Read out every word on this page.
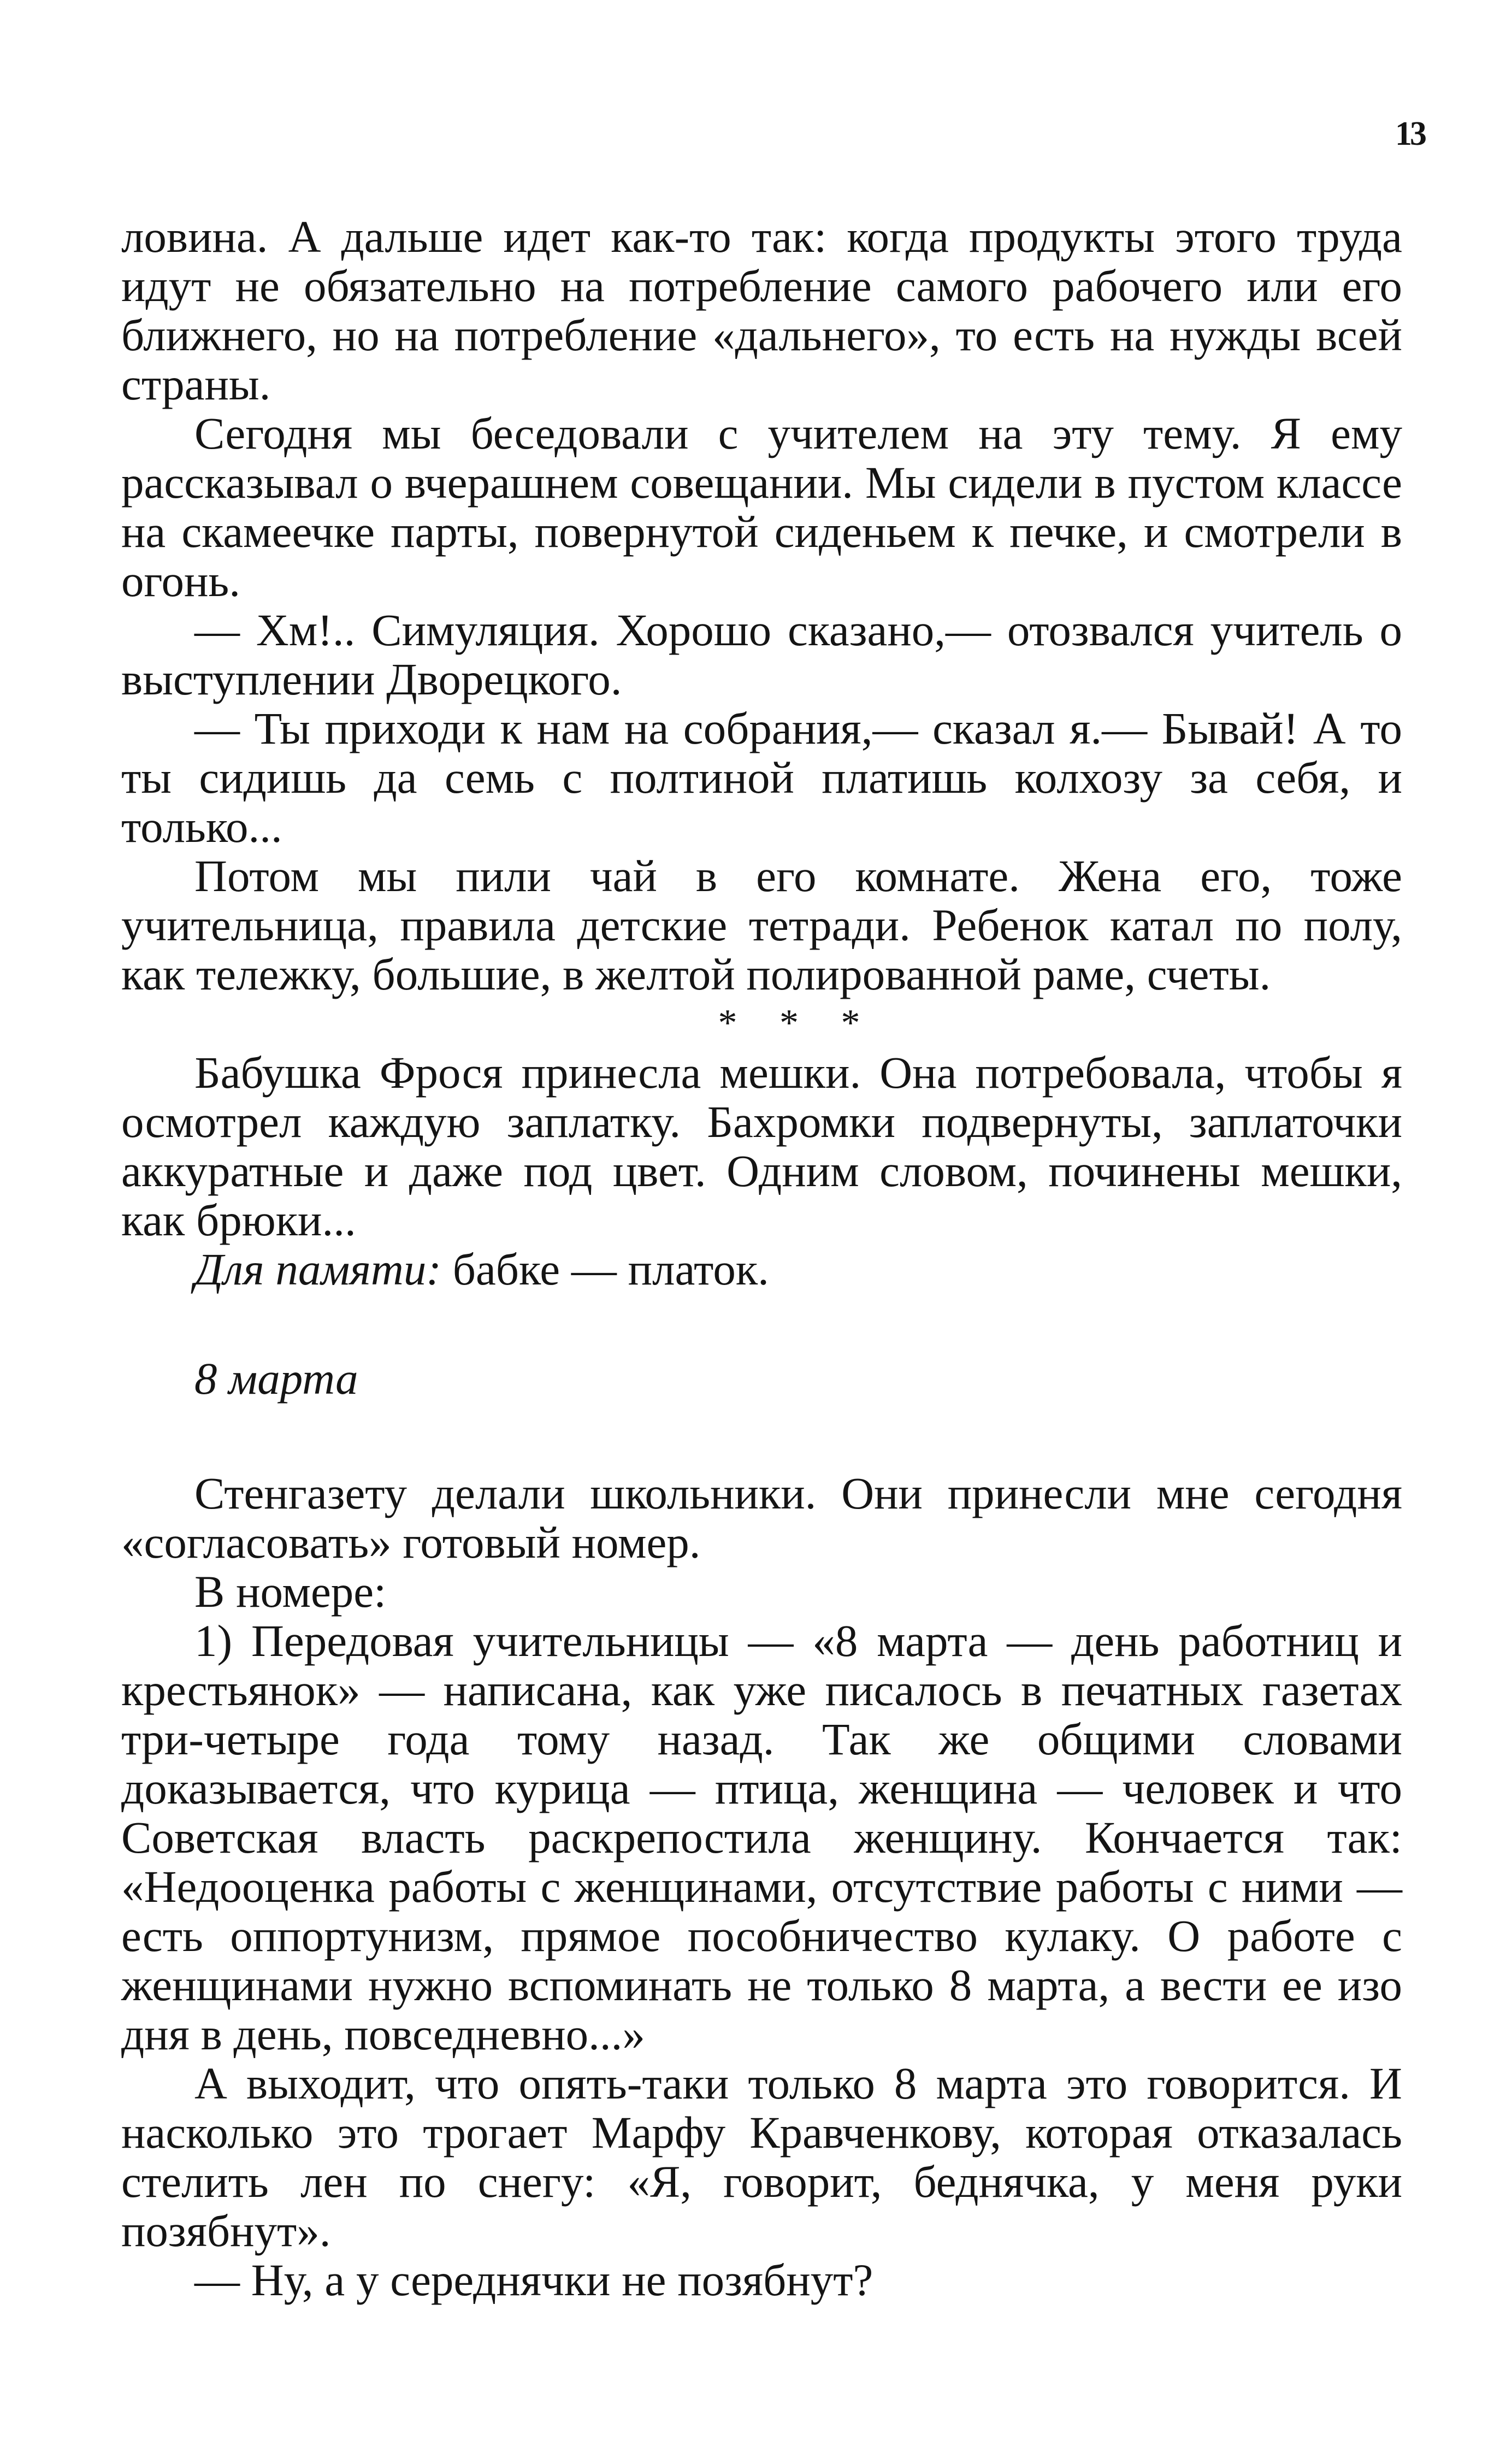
13

ловина. А дальше идет как-то так: когда продукты этого труда идут не обязательно на потребление самого рабочего или его ближнего, но на потребление «дальнего», то есть на нужды всей страны.

Сегодня мы беседовали с учителем на эту тему. Я ему рассказывал о вчерашнем совещании. Мы сидели в пустом классе на скамеечке парты, повернутой сиденьем к печке, и смотрели в огонь.

— Хм!.. Симуляция. Хорошо сказано,— отозвался учитель о выступлении Дворецкого.

— Ты приходи к нам на собрания,— сказал я.— Бывай! А то ты сидишь да семь с полтиной платишь колхозу за себя, и только...

Потом мы пили чай в его комнате. Жена его, тоже учительница, правила детские тетради. Ребенок катал по полу, как тележку, большие, в желтой полированной раме, счеты.

* * *

Бабушка Фрося принесла мешки. Она потребовала, чтобы я осмотрел каждую заплатку. Бахромки подвернуты, заплаточки аккуратные и даже под цвет. Одним словом, починены мешки, как брюки...

Для памяти: бабке — платок.

8 марта

Стенгазету делали школьники. Они принесли мне сегодня «согласовать» готовый номер.

В номере:

1) Передовая учительницы — «8 марта — день работниц и крестьянок» — написана, как уже писалось в печатных газетах три-четыре года тому назад. Так же общими словами доказывается, что курица — птица, женщина — человек и что Советская власть раскрепостила женщину. Кончается так: «Недооценка работы с женщинами, отсутствие работы с ними — есть оппортунизм, прямое пособничество кулаку. О работе с женщинами нужно вспоминать не только 8 марта, а вести ее изо дня в день, повседневно...»

А выходит, что опять-таки только 8 марта это говорится. И насколько это трогает Марфу Кравченкову, которая отказалась стелить лен по снегу: «Я, говорит, беднячка, у меня руки позябнут».

— Ну, а у середнячки не позябнут?
